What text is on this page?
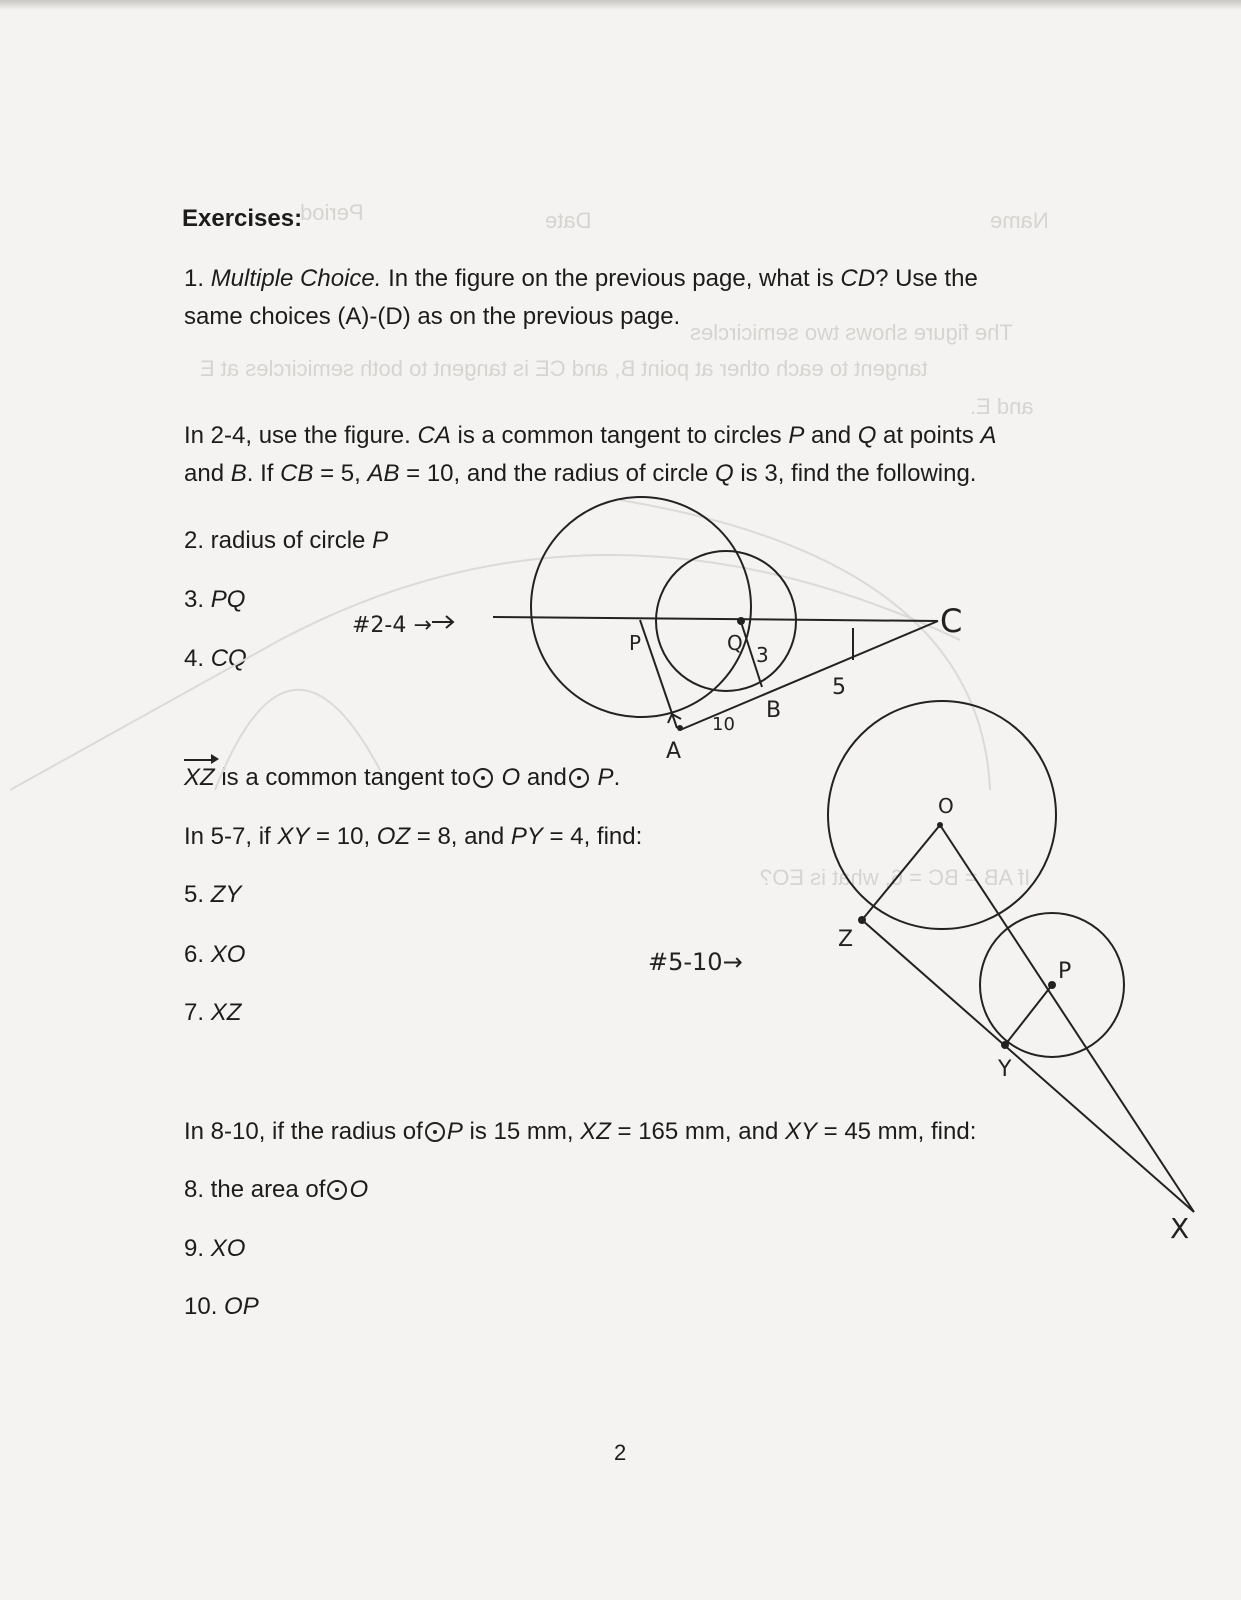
Name
Date
Period
The figure shows two semicircles
tangent to each other at point B, and CE is tangent to both semicircles at E
and E.
If AB = BC = 6, what is EO?
Exercises:
1. Multiple Choice. In the figure on the previous page, what is CD? Use the
same choices (A)-(D) as on the previous page.
In 2-4, use the figure. CA is a common tangent to circles P and Q at points A
and B. If CB = 5, AB = 10, and the radius of circle Q is 3, find the following.
2. radius of circle P
3. PQ
4. CQ
XZ is a common tangent to O and P.
In 5-7, if XY = 10, OZ = 8, and PY = 4, find:
5. ZY
6. XO
7. XZ
In 8-10, if the radius of P is 15 mm, XZ = 165 mm, and XY = 45 mm, find:
8. the area of O
9. XO
10. OP
2
#2-4 →
P	Q 3
C
5
B
10
A
#5-10→
O
Z
P
Y
X
